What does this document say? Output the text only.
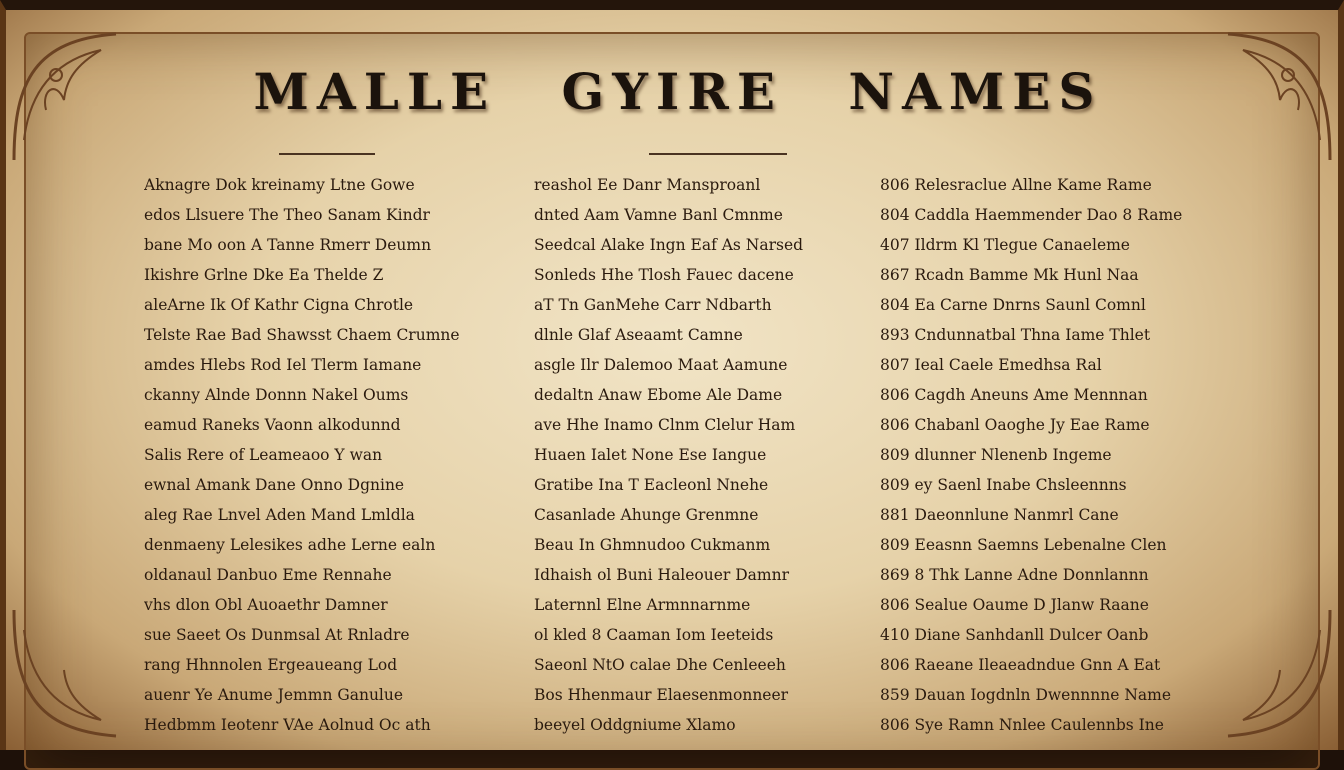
MALLE GYIRE NAMES
Aknagre Dok kreinamy Ltne Gowe
edos Llsuere The Theo Sanam Kindr
bane Mo oon A Tanne Rmerr Deumn
Ikishre Grlne Dke Ea Thelde Z
aleArne Ik Of Kathr Cigna Chrotle
Telste Rae Bad Shawsst Chaem Crumne
amdes Hlebs Rod Iel Tlerm Iamane
ckanny Alnde Donnn Nakel Oums
eamud Raneks Vaonn alkodunnd
Salis Rere of Leameaoo Y wan
ewnal Amank Dane Onno Dgnine
aleg Rae Lnvel Aden Mand Lmldla
denmaeny Lelesikes adhe Lerne ealn
oldanaul Danbuo Eme Rennahe
vhs dlon Obl Auoaethr Damner
sue Saeet Os Dunmsal At Rnladre
rang Hhnnolen Ergeaueang Lod
auenr Ye Anume Jemmn Ganulue
Hedbmm Ieotenr VAe Aolnud Oc ath
reashol Ee Danr Mansproanl
dnted Aam Vamne Banl Cmnme
Seedcal Alake Ingn Eaf As Narsed
Sonleds Hhe Tlosh Fauec dacene
aT Tn GanMehe Carr Ndbarth
dlnle Glaf Aseaamt Camne
asgle Ilr Dalemoo Maat Aamune
dedaltn Anaw Ebome Ale Dame
ave Hhe Inamo Clnm Clelur Ham
Huaen Ialet None Ese Iangue
Gratibe Ina T Eacleonl Nnehe
Casanlade Ahunge Grenmne
Beau In Ghmnudoo Cukmanm
Idhaish ol Buni Haleouer Damnr
Laternnl Elne Armnnarnme
ol kled 8 Caaman Iom Ieeteids
Saeonl NtO calae Dhe Cenleeeh
Bos Hhenmaur Elaesenmonneer
beeyel Oddgniume Xlamo
806 Relesraclue Allne Kame Rame
804 Caddla Haemmender Dao 8 Rame
407 Ildrm Kl Tlegue Canaeleme
867 Rcadn Bamme Mk Hunl Naa
804 Ea Carne Dnrns Saunl Comnl
893 Cndunnatbal Thna Iame Thlet
807 Ieal Caele Emedhsa Ral
806 Cagdh Aneuns Ame Mennnan
806 Chabanl Oaoghe Jy Eae Rame
809 dlunner Nlenenb Ingeme
809 ey Saenl Inabe Chsleennns
881 Daeonnlune Nanmrl Cane
809 Eeasnn Saemns Lebenalne Clen
869 8 Thk Lanne Adne Donnlannn
806 Sealue Oaume D Jlanw Raane
410 Diane Sanhdanll Dulcer Oanb
806 Raeane Ileaeadndue Gnn A Eat
859 Dauan Iogdnln Dwennnne Name
806 Sye Ramn Nnlee Caulennbs Ine
